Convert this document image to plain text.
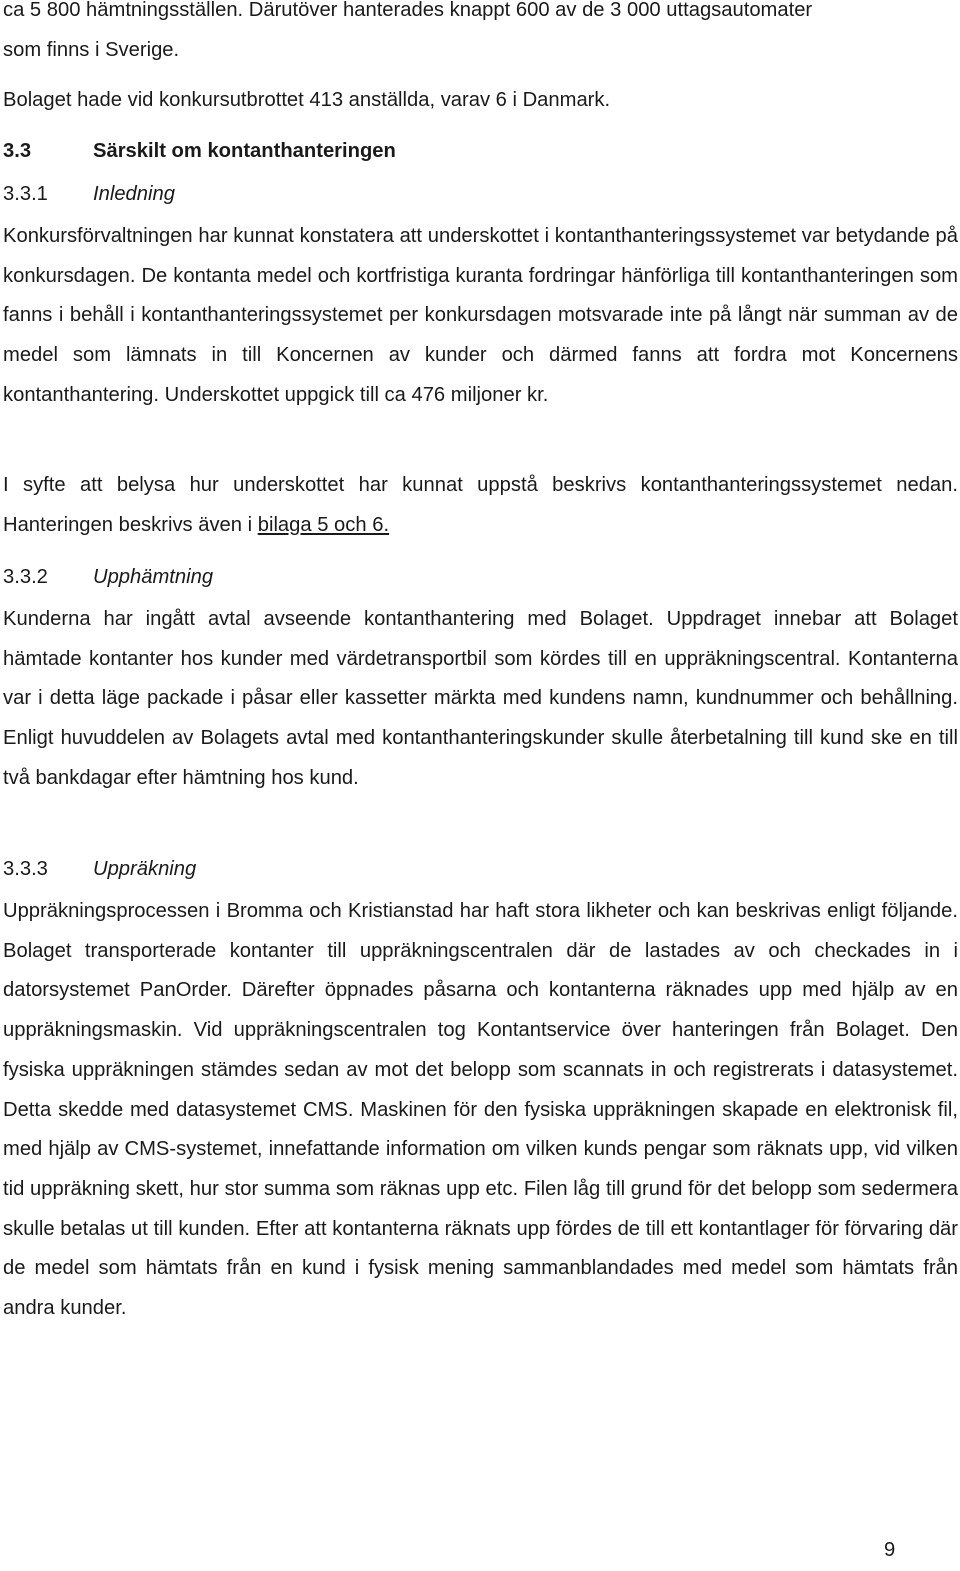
ca 5 800 hämtningsställen. Därutöver hanterades knappt 600 av de 3 000 uttagsautomater
som finns i Sverige.

Bolaget hade vid konkursutbrottet 413 anställda, varav 6 i Danmark.

3.3	Särskilt om kontanthanteringen
3.3.1 Inledning

Konkursförvaltningen har kunnat konstatera att underskottet i kontanthanteringssystemet var betydande på konkursdagen. De kontanta medel och kortfristiga kuranta fordringar hänförliga till kontanthanteringen som fanns i behåll i kontanthanteringssystemet per konkursdagen motsvarade inte på långt när summan av de medel som lämnats in till Koncernen av kunder och därmed fanns att fordra mot Koncernens kontanthantering. Underskottet uppgick till ca 476 miljoner kr.

I syfte att belysa hur underskottet har kunnat uppstå beskrivs kontanthanteringssystemet nedan. Hanteringen beskrivs även i bilaga 5 och 6.

3.3.2 Upphämtning

Kunderna har ingått avtal avseende kontanthantering med Bolaget. Uppdraget innebar att Bolaget hämtade kontanter hos kunder med värdetransportbil som kördes till en uppräkningscentral. Kontanterna var i detta läge packade i påsar eller kassetter märkta med kundens namn, kundnummer och behållning. Enligt huvuddelen av Bolagets avtal med kontanthanteringskunder skulle återbetalning till kund ske en till två bankdagar efter hämtning hos kund.

3.3.3 Uppräkning

Uppräkningsprocessen i Bromma och Kristianstad har haft stora likheter och kan beskrivas enligt följande. Bolaget transporterade kontanter till uppräkningscentralen där de lastades av och checkades in i datorsystemet PanOrder. Därefter öppnades påsarna och kontanterna räknades upp med hjälp av en uppräkningsmaskin. Vid uppräkningscentralen tog Kontantservice över hanteringen från Bolaget. Den fysiska uppräkningen stämdes sedan av mot det belopp som scannats in och registrerats i datasystemet. Detta skedde med datasystemet CMS. Maskinen för den fysiska uppräkningen skapade en elektronisk fil, med hjälp av CMS-systemet, innefattande information om vilken kunds pengar som räknats upp, vid vilken tid uppräkning skett, hur stor summa som räknas upp etc. Filen låg till grund för det belopp som sedermera skulle betalas ut till kunden. Efter att kontanterna räknats upp fördes de till ett kontantlager för förvaring där de medel som hämtats från en kund i fysisk mening sammanblandades med medel som hämtats från andra kunder.

9
